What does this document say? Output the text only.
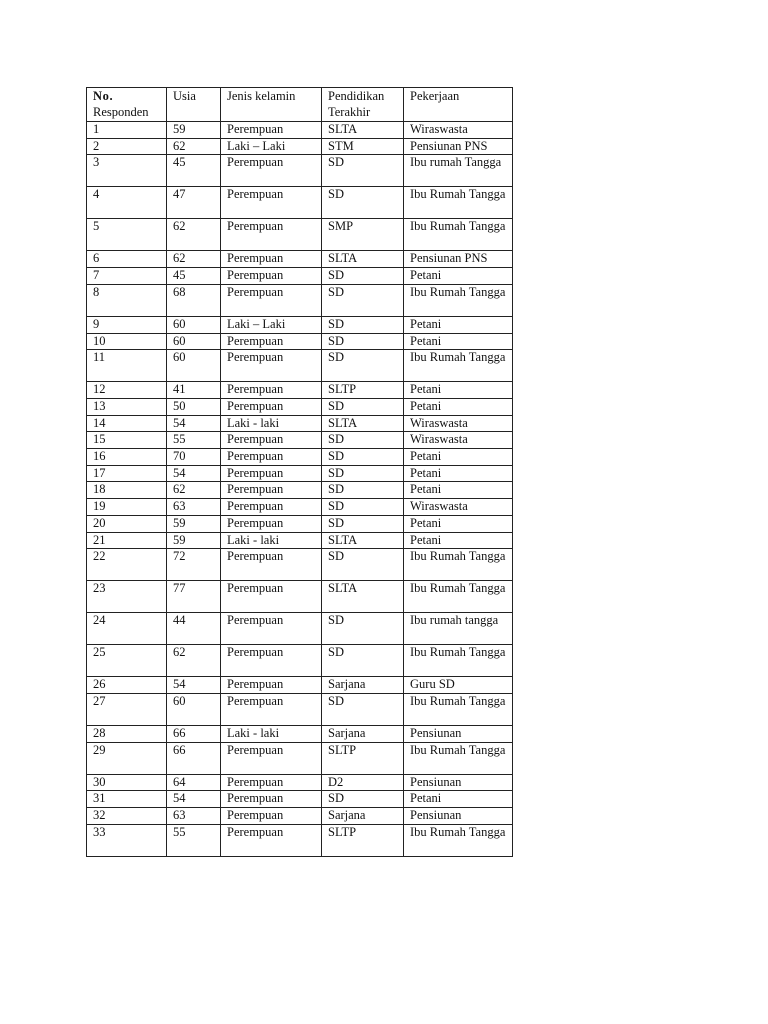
No.
Responden	Usia	Jenis kelamin	Pendidikan Terakhir	Pekerjaan
1	59	Perempuan	SLTA	Wiraswasta
2	62	Laki – Laki	STM	Pensiunan PNS
3	45	Perempuan	SD	Ibu rumah Tangga
4	47	Perempuan	SD	Ibu Rumah Tangga
5	62	Perempuan	SMP	Ibu Rumah Tangga
6	62	Perempuan	SLTA	Pensiunan PNS
7	45	Perempuan	SD	Petani
8	68	Perempuan	SD	Ibu Rumah Tangga
9	60	Laki – Laki	SD	Petani
10	60	Perempuan	SD	Petani
11	60	Perempuan	SD	Ibu Rumah Tangga
12	41	Perempuan	SLTP	Petani
13	50	Perempuan	SD	Petani
14	54	Laki - laki	SLTA	Wiraswasta
15	55	Perempuan	SD	Wiraswasta
16	70	Perempuan	SD	Petani
17	54	Perempuan	SD	Petani
18	62	Perempuan	SD	Petani
19	63	Perempuan	SD	Wiraswasta
20	59	Perempuan	SD	Petani
21	59	Laki - laki	SLTA	Petani
22	72	Perempuan	SD	Ibu Rumah Tangga
23	77	Perempuan	SLTA	Ibu Rumah Tangga
24	44	Perempuan	SD	Ibu rumah tangga
25	62	Perempuan	SD	Ibu Rumah Tangga
26	54	Perempuan	Sarjana	Guru SD
27	60	Perempuan	SD	Ibu Rumah Tangga
28	66	Laki - laki	Sarjana	Pensiunan
29	66	Perempuan	SLTP	Ibu Rumah Tangga
30	64	Perempuan	D2	Pensiunan
31	54	Perempuan	SD	Petani
32	63	Perempuan	Sarjana	Pensiunan
33	55	Perempuan	SLTP	Ibu Rumah Tangga
